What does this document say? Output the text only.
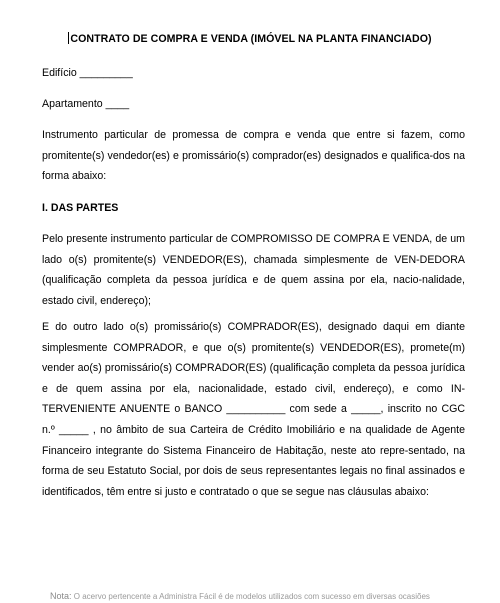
CONTRATO DE COMPRA E VENDA (IMÓVEL NA PLANTA FINANCIADO)

Edifício _________

Apartamento ____

Instrumento particular de promessa de compra e venda que entre si fazem, como promitente(s) vendedor(es) e promissário(s) comprador(es) designados e qualifica-dos na forma abaixo:

I. DAS PARTES

Pelo presente instrumento particular de COMPROMISSO DE COMPRA E VENDA, de um lado o(s) promitente(s) VENDEDOR(ES), chamada simplesmente de VEN-DEDORA (qualificação completa da pessoa jurídica e de quem assina por ela, nacio-nalidade, estado civil, endereço);

E do outro lado o(s) promissário(s) COMPRADOR(ES), designado daqui em diante simplesmente COMPRADOR, e que o(s) promitente(s) VENDEDOR(ES), promete(m) vender ao(s) promissário(s) COMPRADOR(ES) (qualificação completa da pessoa jurídica e de quem assina por ela, nacionalidade, estado civil, endereço), e como IN-TERVENIENTE ANUENTE o BANCO __________ com sede a _____, inscrito no CGC n.º _____ , no âmbito de sua Carteira de Crédito Imobiliário e na qualidade de Agente Financeiro integrante do Sistema Financeiro de Habitação, neste ato repre-sentado, na forma de seu Estatuto Social, por dois de seus representantes legais no final assinados e identificados, têm entre si justo e contratado o que se segue nas cláusulas abaixo:

Nota: O acervo pertencente a Administra Fácil é de modelos utilizados com sucesso em diversas ocasiões
